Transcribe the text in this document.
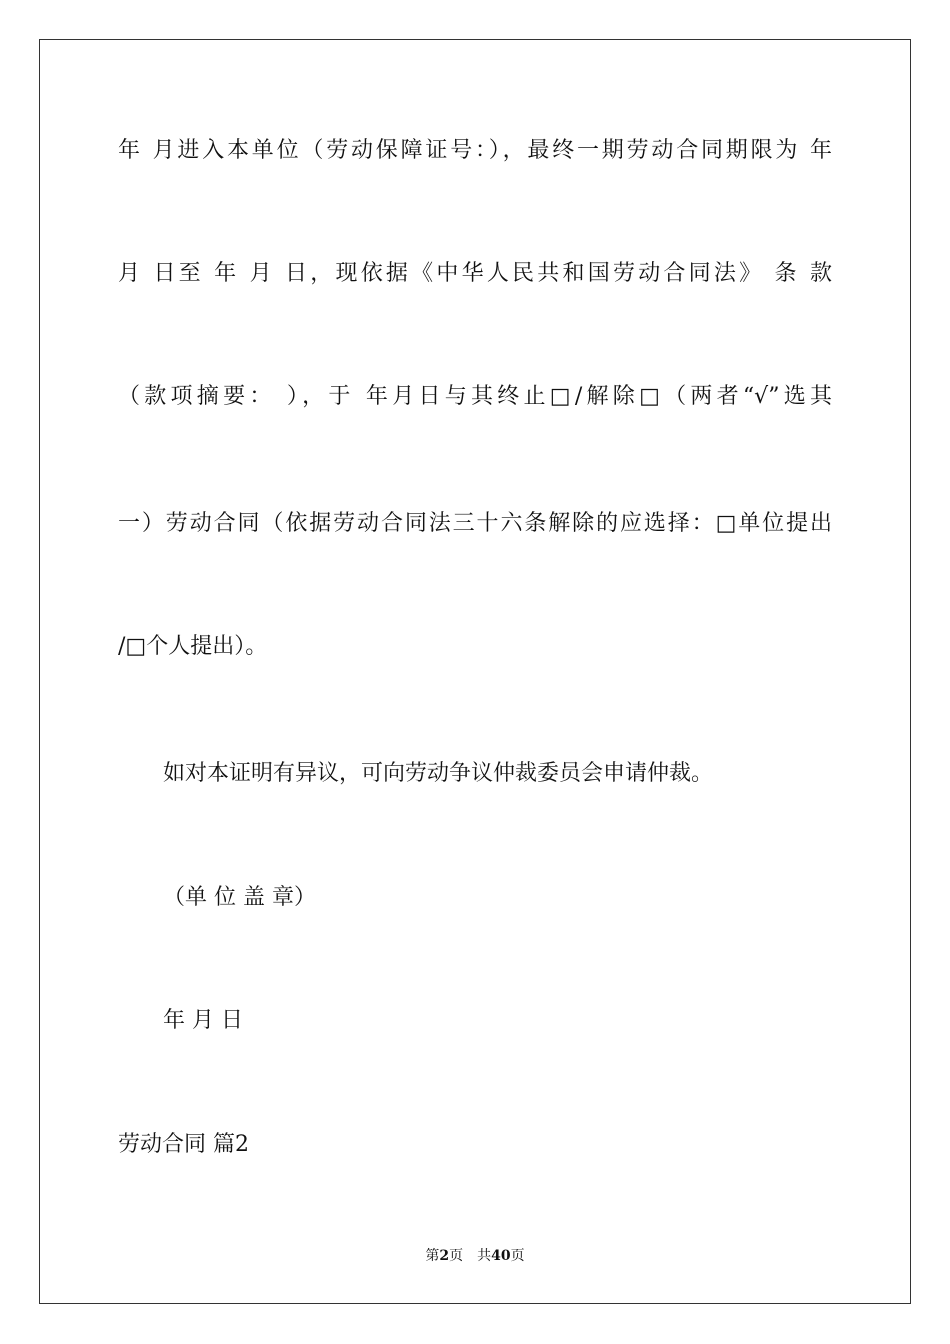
年 月进入本单位（劳动保障证号：），最终一期劳动合同期限为 年
月 日至 年 月 日，现依据《中华人民共和国劳动合同法》 条 款
（款项摘要： ），于 年月日与其终止□/解除□（两者“√”选其
一）劳动合同（依据劳动合同法三十六条解除的应选择：□单位提出
/□个人提出）。
如对本证明有异议，可向劳动争议仲裁委员会申请仲裁。
（单 位 盖 章）
年 月 日
劳动合同 篇2
第2页　共40页
